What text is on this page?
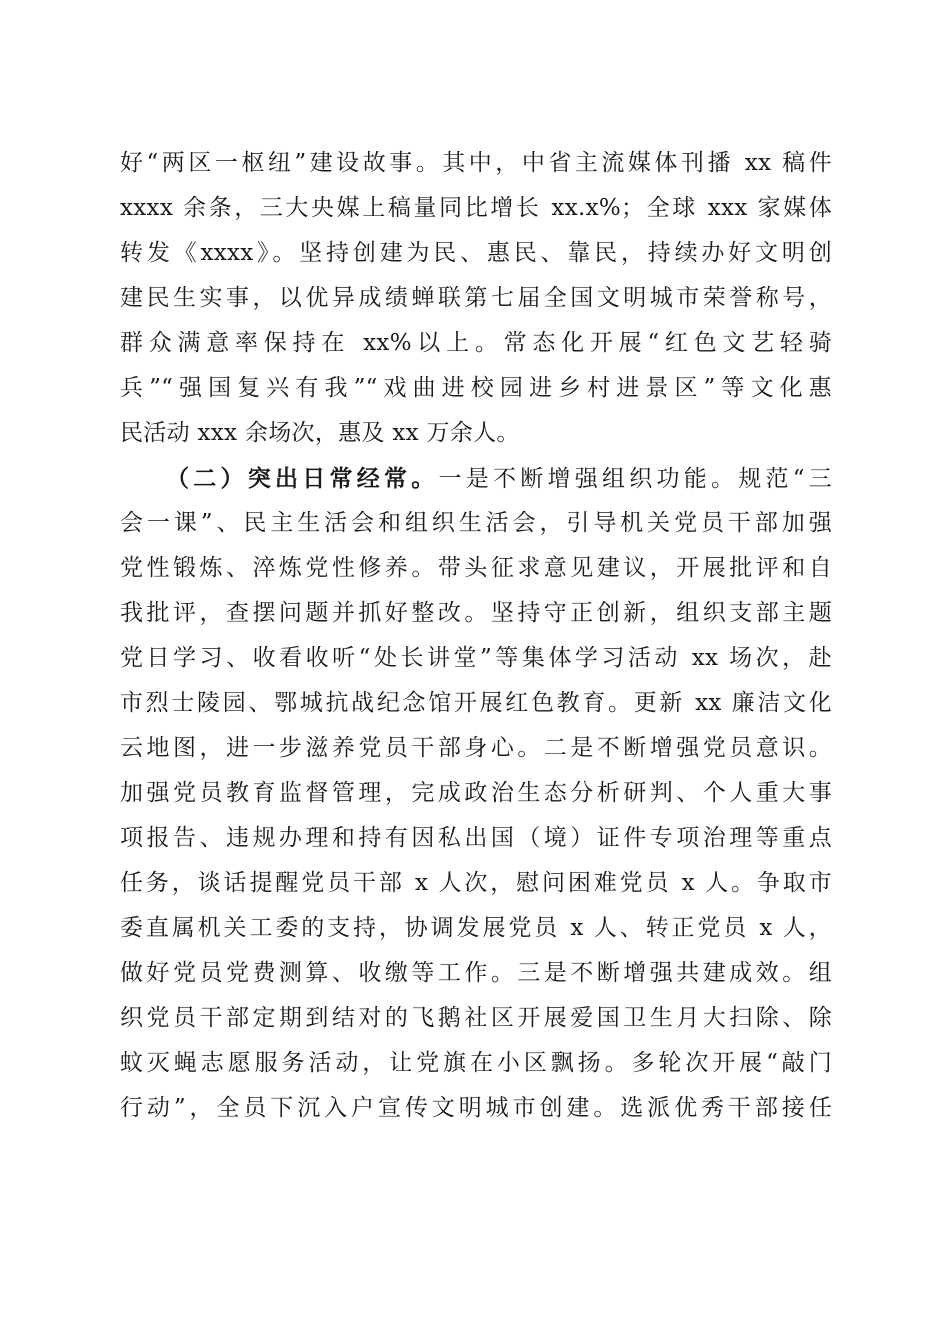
好“两区一枢纽”建设故事。其中，中省主流媒体刊播 xx 稿件
xxxx 余条，三大央媒上稿量同比增长 xx.x%；全球 xxx 家媒体
转发《xxxx》。坚持创建为民、惠民、靠民，持续办好文明创
建民生实事，以优异成绩蝉联第七届全国文明城市荣誉称号，
群众满意率保持在 xx%以上。常态化开展“红色文艺轻骑
兵”“强国复兴有我”“戏曲进校园进乡村进景区”等文化惠
民活动 xxx 余场次，惠及 xx 万余人。
（二）突出日常经常。一是不断增强组织功能。规范“三
会一课”、民主生活会和组织生活会，引导机关党员干部加强
党性锻炼、淬炼党性修养。带头征求意见建议，开展批评和自
我批评，查摆问题并抓好整改。坚持守正创新，组织支部主题
党日学习、收看收听“处长讲堂”等集体学习活动 xx 场次，赴
市烈士陵园、鄂城抗战纪念馆开展红色教育。更新 xx 廉洁文化
云地图，进一步滋养党员干部身心。二是不断增强党员意识。
加强党员教育监督管理，完成政治生态分析研判、个人重大事
项报告、违规办理和持有因私出国（境）证件专项治理等重点
任务，谈话提醒党员干部 x 人次，慰问困难党员 x 人。争取市
委直属机关工委的支持，协调发展党员 x 人、转正党员 x 人，
做好党员党费测算、收缴等工作。三是不断增强共建成效。组
织党员干部定期到结对的飞鹅社区开展爱国卫生月大扫除、除
蚊灭蝇志愿服务活动，让党旗在小区飘扬。多轮次开展“敲门
行动”，全员下沉入户宣传文明城市创建。选派优秀干部接任
